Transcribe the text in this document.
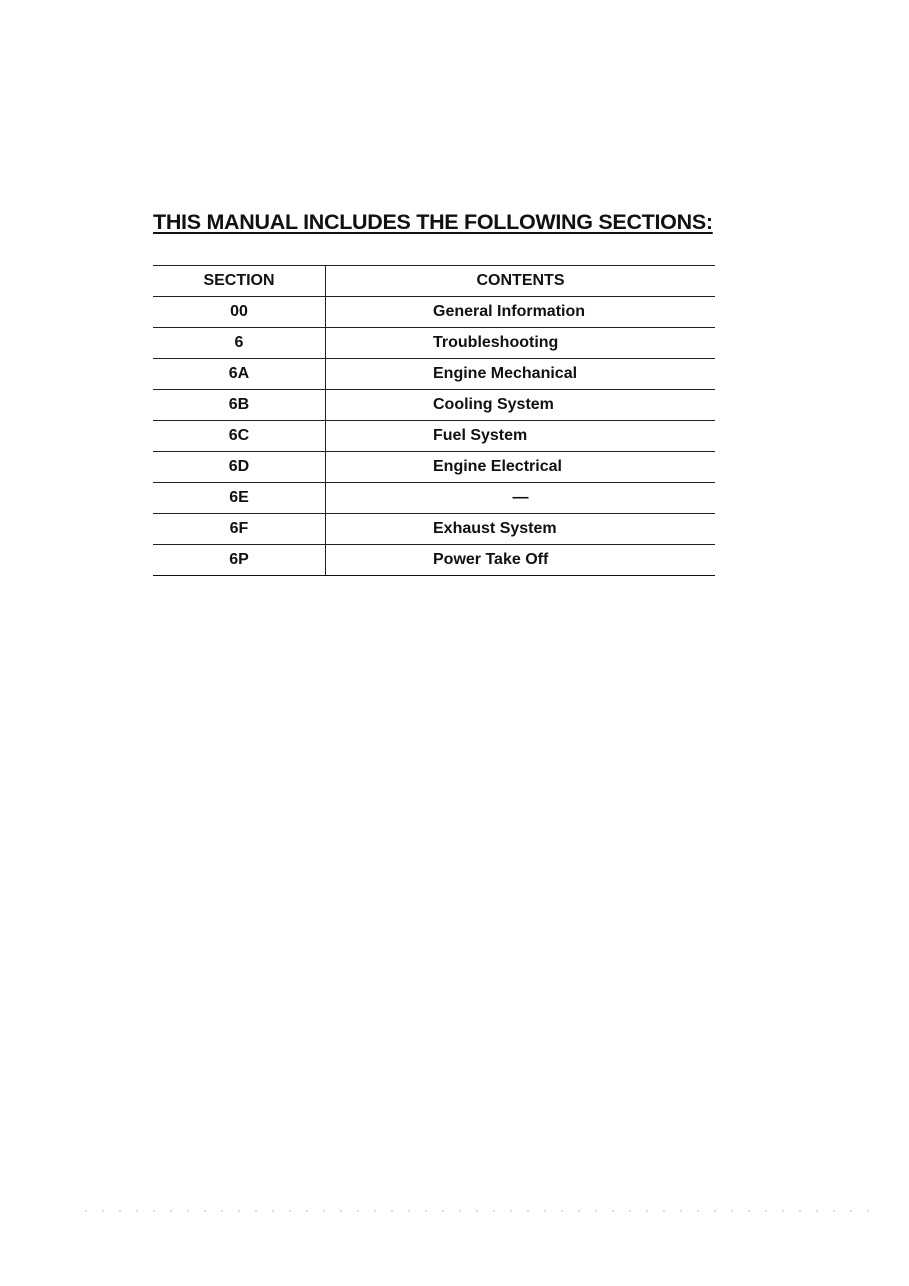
THIS MANUAL INCLUDES THE FOLLOWING SECTIONS:
SECTION	CONTENTS
00	General Information
6	Troubleshooting
6A	Engine Mechanical
6B	Cooling System
6C	Fuel System
6D	Engine Electrical
6E	—
6F	Exhaust System
6P	Power Take Off
